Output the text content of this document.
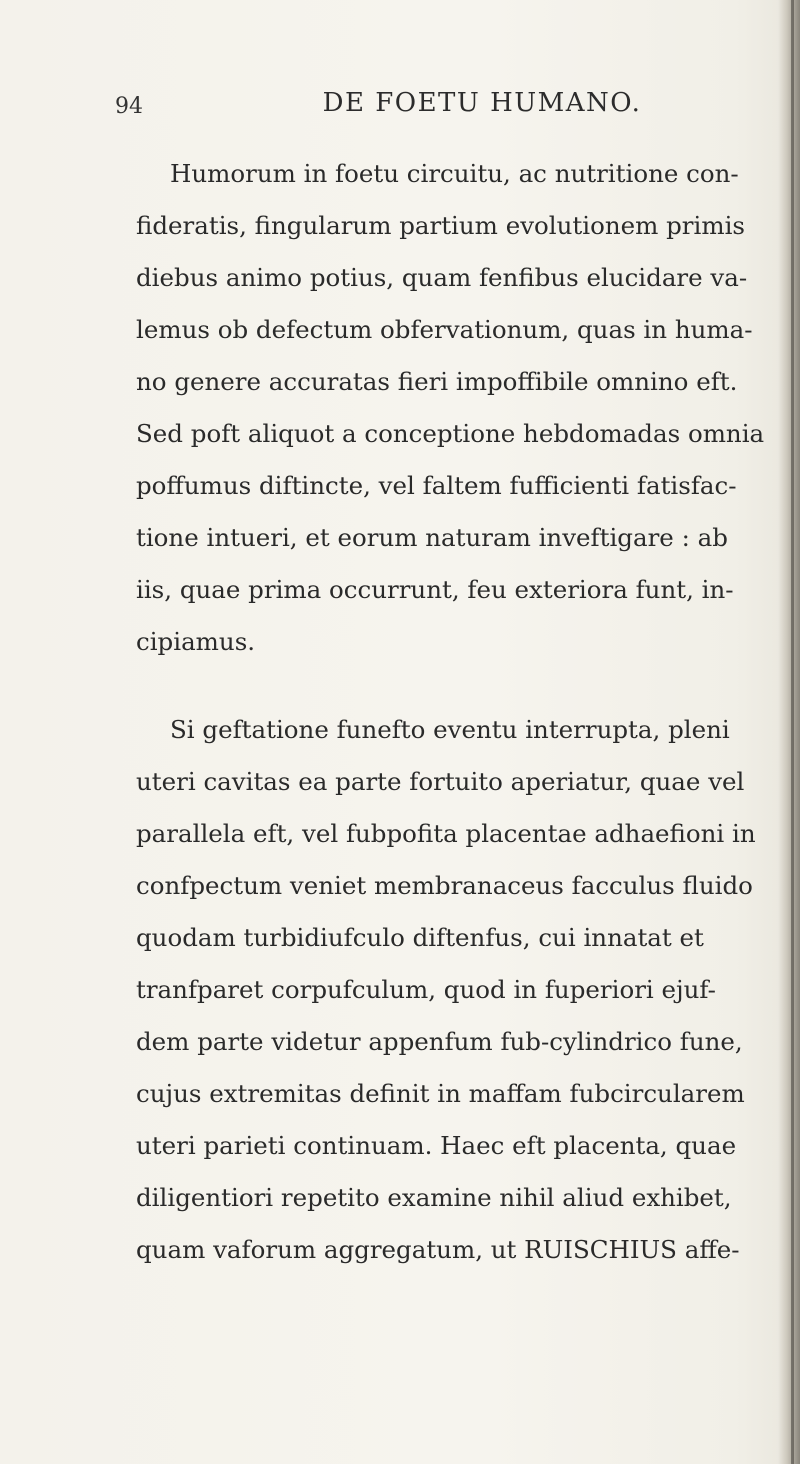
94	DE FOETU HUMANO.
Humorum in foetu circuitu, ac nutritione con-
fideratis, fingularum partium evolutionem primis
diebus animo potius, quam fenfibus elucidare va-
lemus ob defectum obfervationum, quas in huma-
no genere accuratas fieri impoffibile omnino eft.
Sed poft aliquot a conceptione hebdomadas omnia
poffumus diftincte, vel faltem fufficienti fatisfac-
tione intueri, et eorum naturam inveftigare : ab
iis, quae prima occurrunt, feu exteriora funt, in-
cipiamus.
Si geftatione funefto eventu interrupta, pleni
uteri cavitas ea parte fortuito aperiatur, quae vel
parallela eft, vel fubpofita placentae adhaefioni in
confpectum veniet membranaceus facculus fluido
quodam turbidiufculo diftenfus, cui innatat et
tranfparet corpufculum, quod in fuperiori ejuf-
dem parte videtur appenfum fub-cylindrico fune,
cujus extremitas definit in maffam fubcircularem
uteri parieti continuam. Haec eft placenta, quae
diligentiori repetito examine nihil aliud exhibet,
quam vaforum aggregatum, ut RUISCHIUS affe-
